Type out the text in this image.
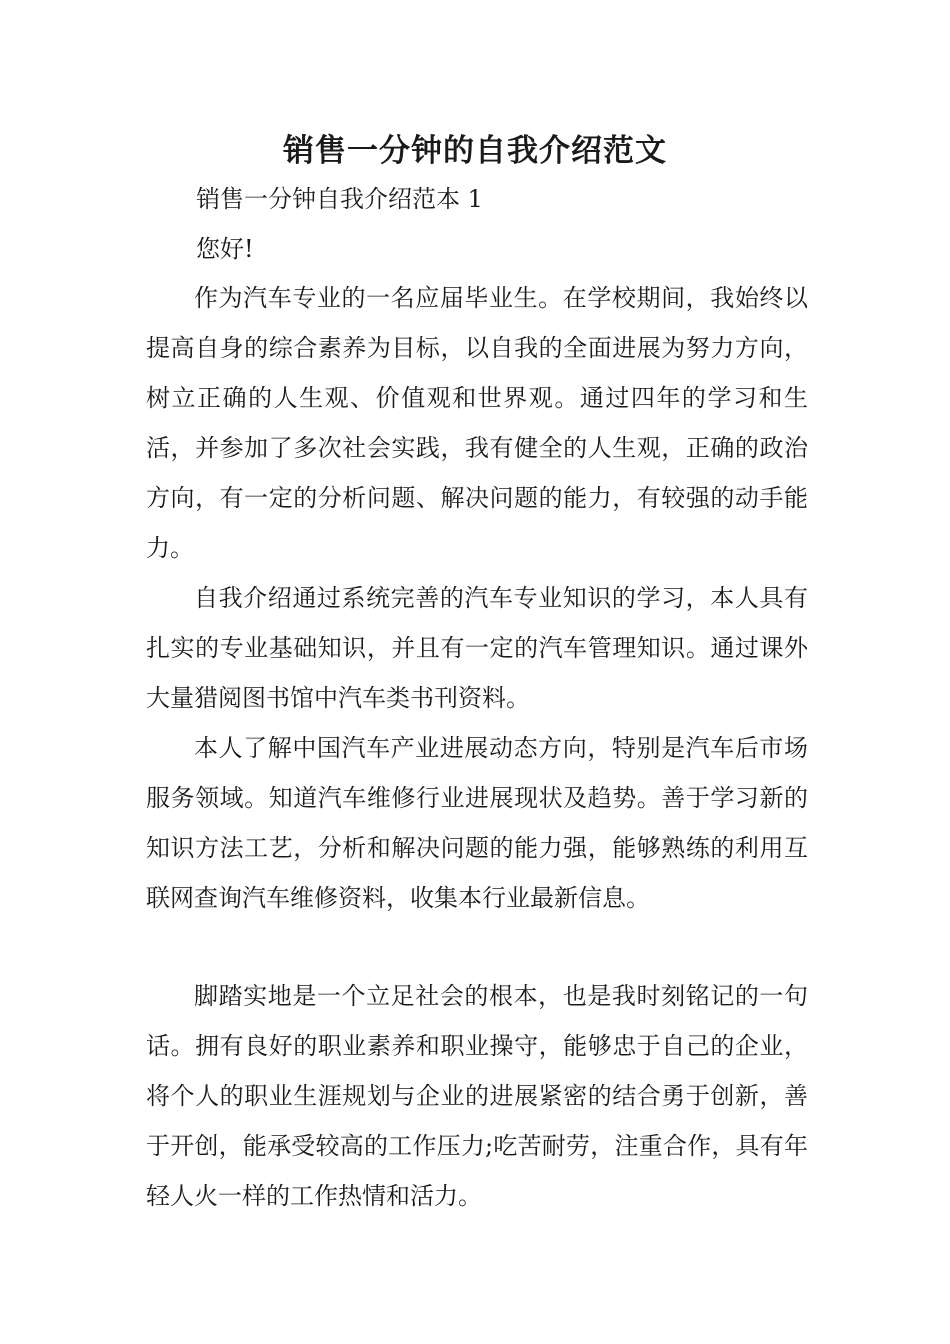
销售一分钟的自我介绍范文
销售一分钟自我介绍范本 1
您好!

作为汽车专业的一名应届毕业生。在学校期间，我始终以提高自身的综合素养为目标，以自我的全面进展为努力方向，树立正确的人生观、价值观和世界观。通过四年的学习和生活，并参加了多次社会实践，我有健全的人生观，正确的政治方向，有一定的分析问题、解决问题的能力，有较强的动手能力。

自我介绍通过系统完善的汽车专业知识的学习，本人具有扎实的专业基础知识，并且有一定的汽车管理知识。通过课外大量猎阅图书馆中汽车类书刊资料。

本人了解中国汽车产业进展动态方向，特别是汽车后市场服务领域。知道汽车维修行业进展现状及趋势。善于学习新的知识方法工艺，分析和解决问题的能力强，能够熟练的利用互联网查询汽车维修资料，收集本行业最新信息。

脚踏实地是一个立足社会的根本，也是我时刻铭记的一句话。拥有良好的职业素养和职业操守，能够忠于自己的企业，将个人的职业生涯规划与企业的进展紧密的结合勇于创新，善于开创，能承受较高的工作压力;吃苦耐劳，注重合作，具有年轻人火一样的工作热情和活力。
